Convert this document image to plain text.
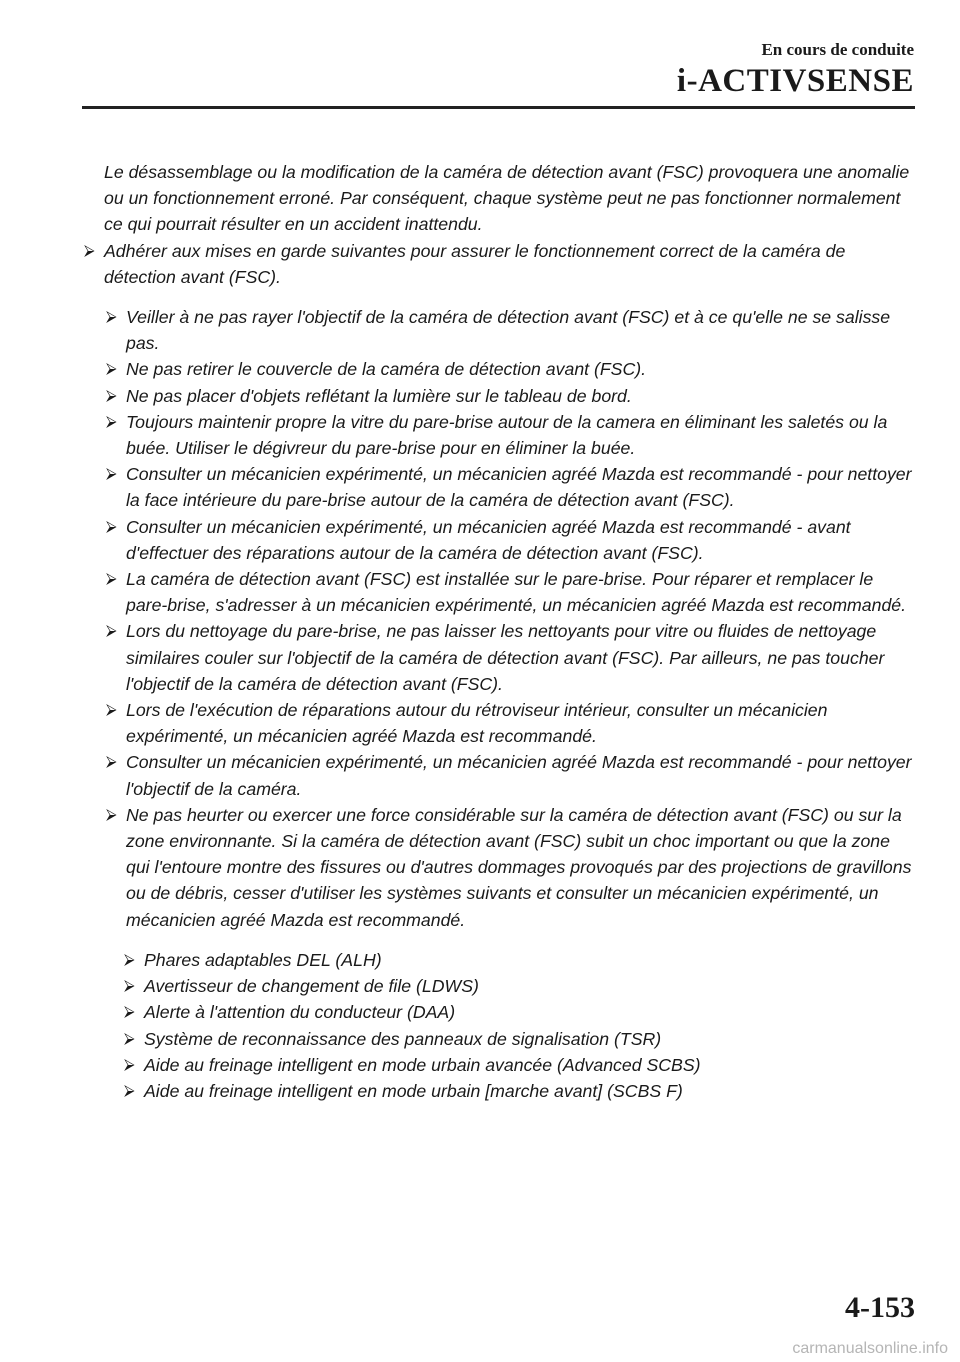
En cours de conduite
i-ACTIVSENSE
Le désassemblage ou la modification de la caméra de détection avant (FSC) provoquera une anomalie ou un fonctionnement erroné. Par conséquent, chaque système peut ne pas fonctionner normalement ce qui pourrait résulter en un accident inattendu.
⮚ Adhérer aux mises en garde suivantes pour assurer le fonctionnement correct de la caméra de détection avant (FSC).
⮚ Veiller à ne pas rayer l'objectif de la caméra de détection avant (FSC) et à ce qu'elle ne se salisse pas.
⮚ Ne pas retirer le couvercle de la caméra de détection avant (FSC).
⮚ Ne pas placer d'objets reflétant la lumière sur le tableau de bord.
⮚ Toujours maintenir propre la vitre du pare-brise autour de la camera en éliminant les saletés ou la buée. Utiliser le dégivreur du pare-brise pour en éliminer la buée.
⮚ Consulter un mécanicien expérimenté, un mécanicien agréé Mazda est recommandé - pour nettoyer la face intérieure du pare-brise autour de la caméra de détection avant (FSC).
⮚ Consulter un mécanicien expérimenté, un mécanicien agréé Mazda est recommandé - avant d'effectuer des réparations autour de la caméra de détection avant (FSC).
⮚ La caméra de détection avant (FSC) est installée sur le pare-brise. Pour réparer et remplacer le pare-brise, s'adresser à un mécanicien expérimenté, un mécanicien agréé Mazda est recommandé.
⮚ Lors du nettoyage du pare-brise, ne pas laisser les nettoyants pour vitre ou fluides de nettoyage similaires couler sur l'objectif de la caméra de détection avant (FSC). Par ailleurs, ne pas toucher l'objectif de la caméra de détection avant (FSC).
⮚ Lors de l'exécution de réparations autour du rétroviseur intérieur, consulter un mécanicien expérimenté, un mécanicien agréé Mazda est recommandé.
⮚ Consulter un mécanicien expérimenté, un mécanicien agréé Mazda est recommandé - pour nettoyer l'objectif de la caméra.
⮚ Ne pas heurter ou exercer une force considérable sur la caméra de détection avant (FSC) ou sur la zone environnante. Si la caméra de détection avant (FSC) subit un choc important ou que la zone qui l'entoure montre des fissures ou d'autres dommages provoqués par des projections de gravillons ou de débris, cesser d'utiliser les systèmes suivants et consulter un mécanicien expérimenté, un mécanicien agréé Mazda est recommandé.
⮚ Phares adaptables DEL (ALH)
⮚ Avertisseur de changement de file (LDWS)
⮚ Alerte à l'attention du conducteur (DAA)
⮚ Système de reconnaissance des panneaux de signalisation (TSR)
⮚ Aide au freinage intelligent en mode urbain avancée (Advanced SCBS)
⮚ Aide au freinage intelligent en mode urbain [marche avant] (SCBS F)
4-153
carmanualsonline.info
